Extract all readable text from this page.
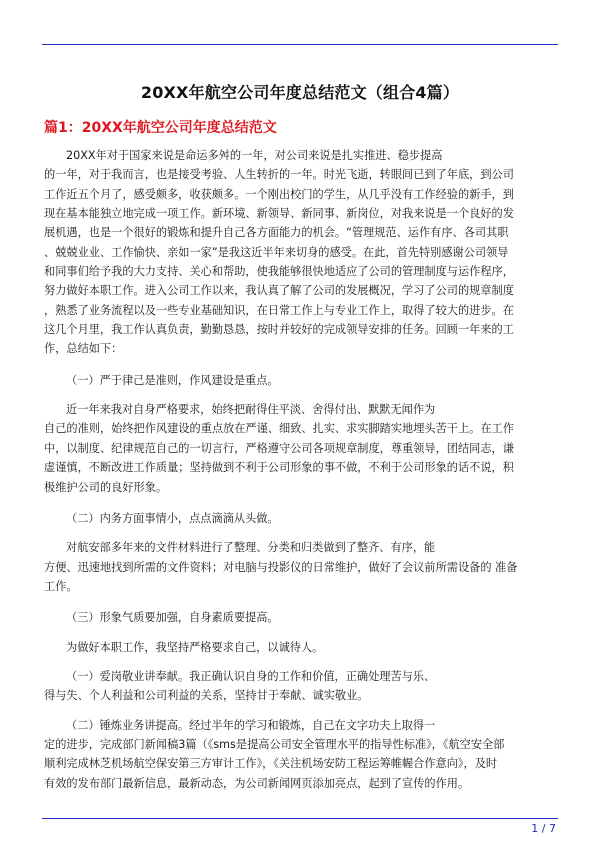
20XX年航空公司年度总结范文（组合4篇）
篇1：20XX年航空公司年度总结范文

20XX年对于国家来说是命运多舛的一年，对公司来说是扎实推进、稳步提高

的一年，对于我而言，也是接受考验、人生转折的一年。时光飞逝，转眼间已到了年底，到公司

工作近五个月了，感受颇多，收获颇多。一个刚出校门的学生，从几乎没有工作经验的新手，到

现在基本能独立地完成一项工作。新环境、新领导、新同事、新岗位，对我来说是一个良好的发

展机遇，也是一个很好的锻炼和提升自己各方面能力的机会。“管理规范、运作有序、各司其职

、兢兢业业、工作愉快、亲如一家”是我这近半年来切身的感受。在此，首先特别感谢公司领导

和同事们给予我的大力支持、关心和帮助，使我能够很快地适应了公司的管理制度与运作程序，

努力做好本职工作。进入公司工作以来，我认真了解了公司的发展概况，学习了公司的规章制度

，熟悉了业务流程以及一些专业基础知识，在日常工作上与专业工作上，取得了较大的进步。在

这几个月里，我工作认真负责，勤勤恳恳，按时并较好的完成领导安排的任务。回顾一年来的工

作，总结如下：

（一）严于律己是准则，作风建设是重点。

近一年来我对自身严格要求，始终把耐得住平淡、舍得付出、默默无闻作为

自己的准则，始终把作风建设的重点放在严谨、细致、扎实、求实脚踏实地埋头苦干上。在工作

中，以制度、纪律规范自己的一切言行，严格遵守公司各项规章制度，尊重领导，团结同志，谦

虚谨慎，不断改进工作质量；坚持做到不利于公司形象的事不做，不利于公司形象的话不说，积

极维护公司的良好形象。

（二）内务方面事情小，点点滴滴从头做。

对航安部多年来的文件材料进行了整理、分类和归类做到了整齐、有序，能

方便、迅速地找到所需的文件资料；对电脑与投影仪的日常维护，做好了会议前所需设备的 准备

工作。

（三）形象气质要加强，自身素质要提高。

为做好本职工作，我坚持严格要求自己，以诚待人。

（一）爱岗敬业讲奉献。我正确认识自身的工作和价值，正确处理苦与乐、

得与失、个人利益和公司利益的关系，坚持甘于奉献、诚实敬业。

（二）锤炼业务讲提高。经过半年的学习和锻炼，自己在文字功夫上取得一

定的进步，完成部门新闻稿3篇（《sms是提高公司安全管理水平的指导性标准》，《航空安全部

顺利完成林芝机场航空保安第三方审计工作》，《关注机场安防工程运筹帷幄合作意向》，及时

有效的发布部门最新信息，最新动态，为公司新闻网页添加亮点，起到了宣传的作用。

1 / 7
